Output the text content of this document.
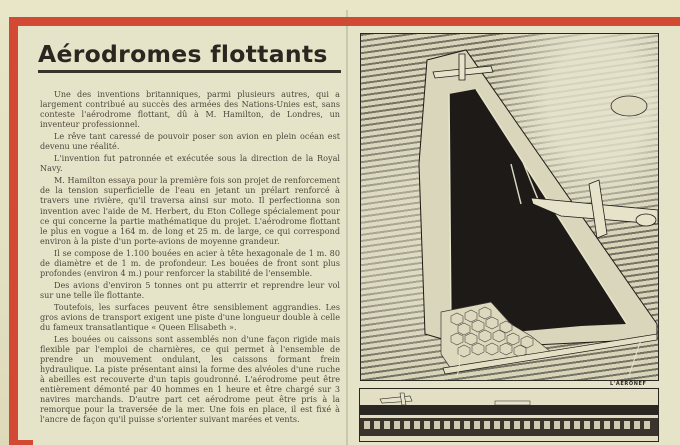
Aérodromes flottants

Une des inventions britanniques, parmi plusieurs autres, qui a largement contribué au succès des armées des Nations-Unies est, sans conteste l'aérodrome flottant, dû à M. Hamilton, de Londres, un inventeur professionnel.

Le rêve tant caressé de pouvoir poser son avion en plein océan est devenu une réalité.

L'invention fut patronnée et exécutée sous la direction de la Royal Navy.

M. Hamilton essaya pour la première fois son projet de renforcement de la tension superficielle de l'eau en jetant un prélart renforcé à travers une rivière, qu'il traversa ainsi sur moto. Il perfectionna son invention avec l'aide de M. Herbert, du Eton College spécialement pour ce qui concerne la partie mathématique du projet. L'aérodrome flottant le plus en vogue a 164 m. de long et 25 m. de large, ce qui correspond environ à la piste d'un porte-avions de moyenne grandeur.

Il se compose de 1.100 bouées en acier à tête hexagonale de 1 m. 80 de diamètre et de 1 m. de profondeur. Les bouées de front sont plus profondes (environ 4 m.) pour renforcer la stabilité de l'ensemble.

Des avions d'environ 5 tonnes ont pu atterrir et reprendre leur vol sur une telle île flottante.

Toutefois, les surfaces peuvent être sensiblement aggrandies. Les gros avions de transport exigent une piste d'une longueur double à celle du fameux transatlantique « Queen Elisabeth ».

Les bouées ou caissons sont assemblés non d'une façon rigide mais flexible par l'emploi de charnières, ce qui permet à l'ensemble de prendre un mouvement ondulant, les caissons formant frein hydraulique. La piste présentant ainsi la forme des alvéoles d'une ruche à abeilles est recouverte d'un tapis goudronné. L'aérodrome peut être entièrement démonté par 40 hommes en 1 heure et être chargé sur 3 navires marchands. D'autre part cet aérodrome peut être pris à la remorque pour la traversée de la mer. Une fois en place, il est fixé à l'ancre de façon qu'il puisse s'orienter suivant marées et vents.

L'AÉRONEF
